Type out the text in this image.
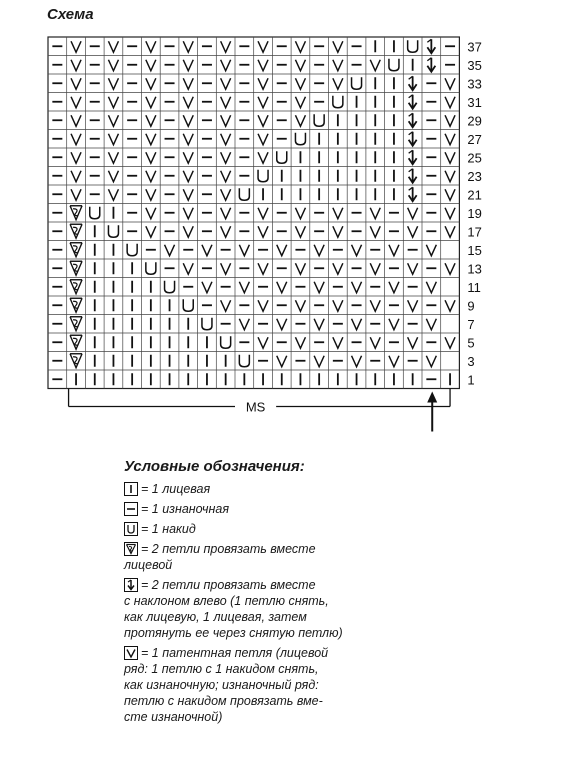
Схема
37
35
33
31
29
27
25
23
21
19
17
15
13
11
9
7
5
3
1
MS
Условные обозначения:
= 1 лицевая
= 1 изнаночная
= 1 накид
= 2 петли провязать вместе
лицевой
= 2 петли провязать вместе
с наклоном влево (1 петлю снять,
как лицевую, 1 лицевая, затем
протянуть ее через снятую петлю)
= 1 патентная петля (лицевой
ряд: 1 петлю с 1 накидом снять,
как изнаночную; изнаночный ряд:
петлю с накидом провязать вме-
сте изнаночной)
